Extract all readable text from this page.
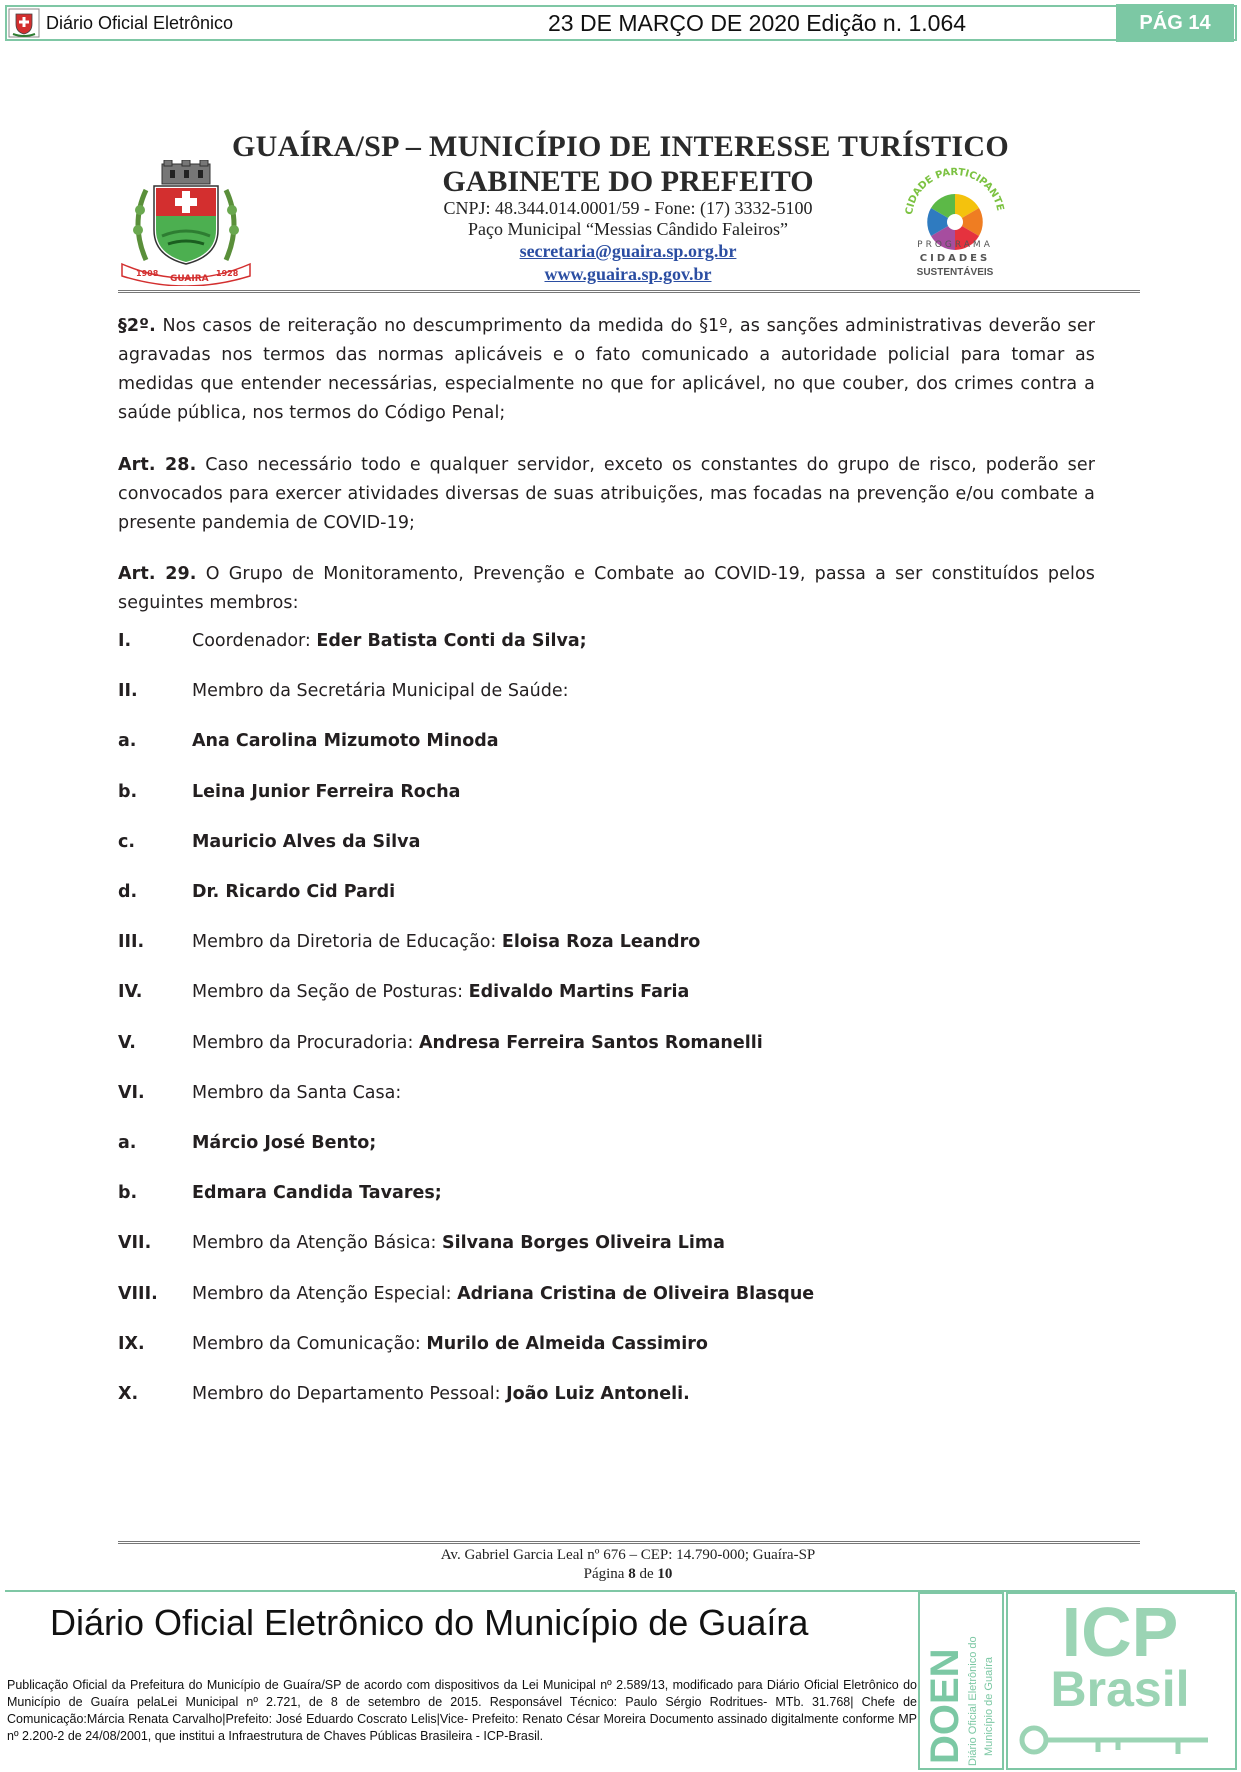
Diário Oficial Eletrônico	23 DE MARÇO DE 2020 Edição n. 1.064	PÁG 14
1908
GUAIRA
1928
GUAÍRA/SP – MUNICÍPIO DE INTERESSE TURÍSTICO
GABINETE DO PREFEITO
CNPJ: 48.344.014.0001/59 - Fone: (17) 3332-5100
Paço Municipal “Messias Cândido Faleiros”
secretaria@guaira.sp.org.br
www.guaira.sp.gov.br
CIDADE PARTICIPANTE
PROGRAMA
CIDADES
SUSTENTÁVEIS
§2º. Nos casos de reiteração no descumprimento da medida do §1º, as sanções administrativas deverão ser agravadas nos termos das normas aplicáveis e o fato comunicado a autoridade policial para tomar as medidas que entender necessárias, especialmente no que for aplicável, no que couber, dos crimes contra a saúde pública, nos termos do Código Penal;
Art. 28. Caso necessário todo e qualquer servidor, exceto os constantes do grupo de risco, poderão ser convocados para exercer atividades diversas de suas atribuições, mas focadas na prevenção e/ou combate a presente pandemia de COVID-19;
Art. 29. O Grupo de Monitoramento, Prevenção e Combate ao COVID-19, passa a ser constituídos pelos seguintes membros:
I.	Coordenador: Eder Batista Conti da Silva;
II.	Membro da Secretária Municipal de Saúde:
a.	Ana Carolina Mizumoto Minoda
b.	Leina Junior Ferreira Rocha
c.	Mauricio Alves da Silva
d.	Dr. Ricardo Cid Pardi
III.	Membro da Diretoria de Educação: Eloisa Roza Leandro
IV.	Membro da Seção de Posturas: Edivaldo Martins Faria
V.	Membro da Procuradoria: Andresa Ferreira Santos Romanelli
VI.	Membro da Santa Casa:
a.	Márcio José Bento;
b.	Edmara Candida Tavares;
VII. Membro da Atenção Básica: Silvana Borges Oliveira Lima
VIII. Membro da Atenção Especial: Adriana Cristina de Oliveira Blasque
IX.	Membro da Comunicação: Murilo de Almeida Cassimiro
X.	Membro do Departamento Pessoal: João Luiz Antoneli.
Av. Gabriel Garcia Leal nº 676 – CEP: 14.790-000; Guaíra-SP
Página 8 de 10
Diário Oficial Eletrônico do Município de Guaíra
Publicação Oficial da Prefeitura do Município de Guaíra/SP de acordo com dispositivos da Lei Municipal nº 2.589/13, modificado para Diário Oficial Eletrônico do Município de Guaíra pelaLei Municipal nº 2.721, de 8 de setembro de 2015. Responsável Técnico: Paulo Sérgio Rodritues- MTb. 31.768| Chefe de Comunicação:Márcia Renata Carvalho|Prefeito: José Eduardo Coscrato Lelis|Vice- Prefeito: Renato César Moreira Documento assinado digitalmente conforme MP nº 2.200-2 de 24/08/2001, que institui a Infraestrutura de Chaves Públicas Brasileira - ICP-Brasil.	DOEN Diário Oficial Eletrônico do Município de Guaíra
ICP
Brasil
